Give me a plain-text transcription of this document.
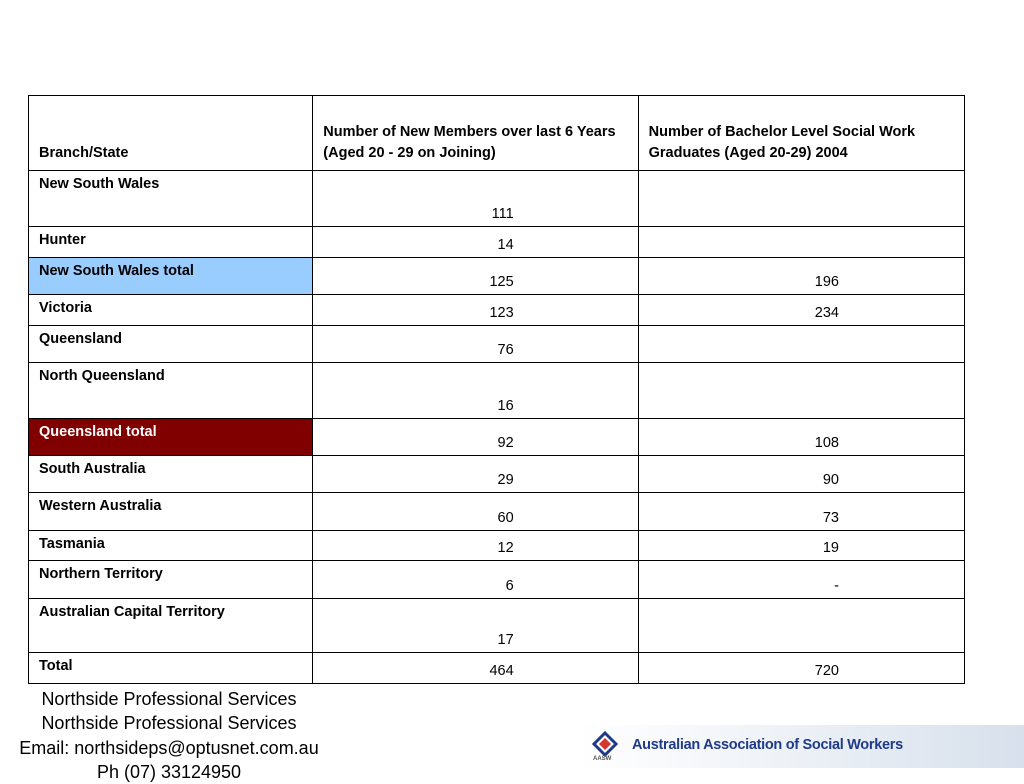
Branch/State	Number of New Members over last 6 Years (Aged 20 - 29 on Joining)	Number of Bachelor Level Social Work Graduates (Aged 20-29) 2004
New South Wales	111	
Hunter	14	
New South Wales total	125	196
Victoria	123	234
Queensland	76	
North Queensland	16	
Queensland total	92	108
South Australia	29	90
Western Australia	60	73
Tasmania	12	19
Northern Territory	6	-
Australian Capital Territory	17	
Total	464	720
Northside Professional Services
Northside Professional Services
Email: northsideps@optusnet.com.au
Ph (07) 33124950
AASW
Australian Association of Social Workers
